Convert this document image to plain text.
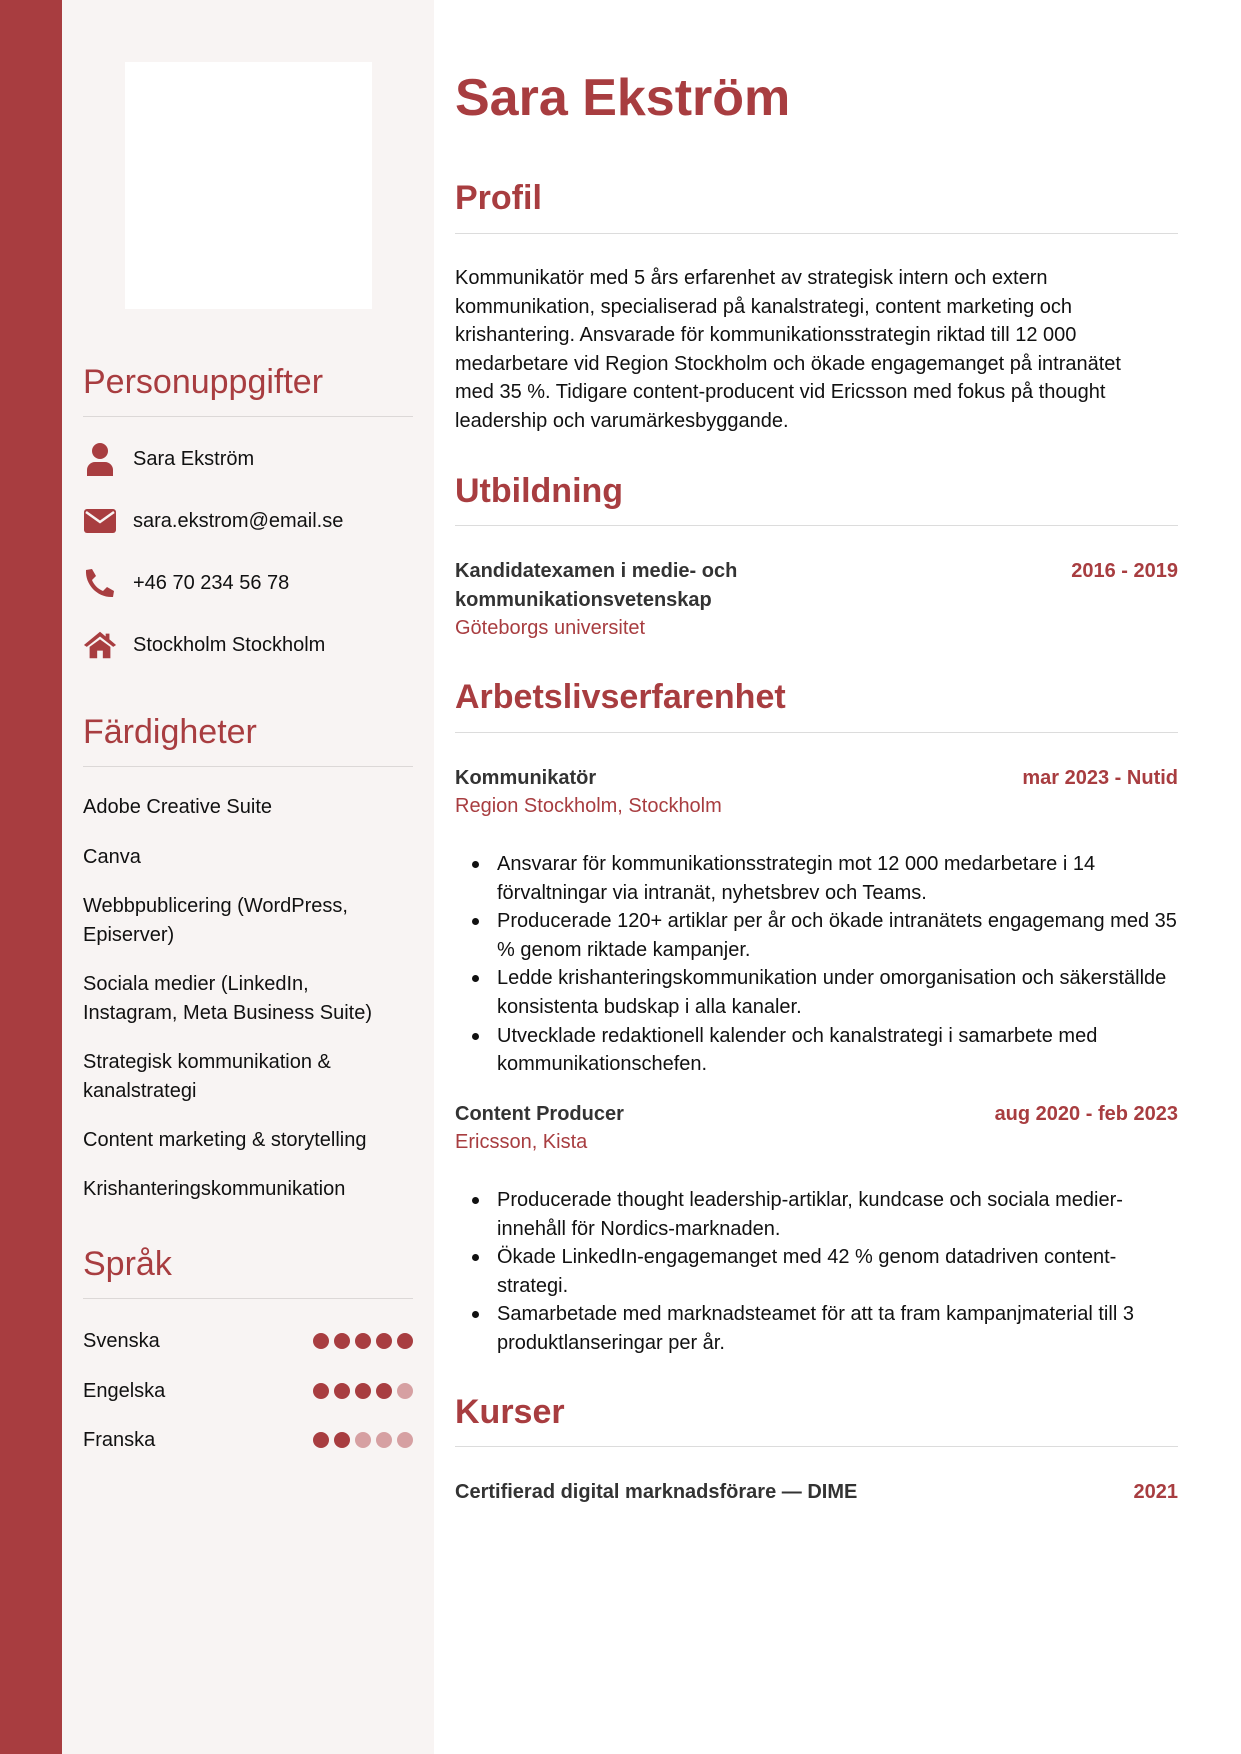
Personuppgifter
Sara Ekström
sara.ekstrom@email.se
+46 70 234 56 78
Stockholm Stockholm
Färdigheter
Adobe Creative Suite
Canva
Webbpublicering (WordPress, Episerver)
Sociala medier (LinkedIn, Instagram, Meta Business Suite)
Strategisk kommunikation & kanalstrategi
Content marketing & storytelling
Krishanteringskommunikation
Språk
Svenska
Engelska
Franska
Sara Ekström
Profil

Kommunikatör med 5 års erfarenhet av strategisk intern och extern kommunikation, specialiserad på kanalstrategi, content marketing och krishantering. Ansvarade för kommunikationsstrategin riktad till 12 000 medarbetare vid Region Stockholm och ökade engagemanget på intranätet med 35 %. Tidigare content-producent vid Ericsson med fokus på thought leadership och varumärkesbyggande.

Utbildning
Kandidatexamen i medie- och kommunikationsvetenskap
2016 - 2019
Göteborgs universitet
Arbetslivserfarenhet
Kommunikatör	mar 2023 - Nutid
Region Stockholm, Stockholm
Ansvarar för kommunikationsstrategin mot 12 000 medarbetare i 14 förvaltningar via intranät, nyhetsbrev och Teams.
Producerade 120+ artiklar per år och ökade intranätets engagemang med 35 % genom riktade kampanjer.
Ledde krishanteringskommunikation under omorganisation och säkerställde konsistenta budskap i alla kanaler.
Utvecklade redaktionell kalender och kanalstrategi i samarbete med kommunikationschefen.
Content Producer	aug 2020 - feb 2023
Ericsson, Kista
Producerade thought leadership-artiklar, kundcase och sociala medier-innehåll för Nordics-marknaden.
Ökade LinkedIn-engagemanget med 42 % genom datadriven content-strategi.
Samarbetade med marknadsteamet för att ta fram kampanjmaterial till 3 produktlanseringar per år.
Kurser
Certifierad digital marknadsförare — DIME	2021
